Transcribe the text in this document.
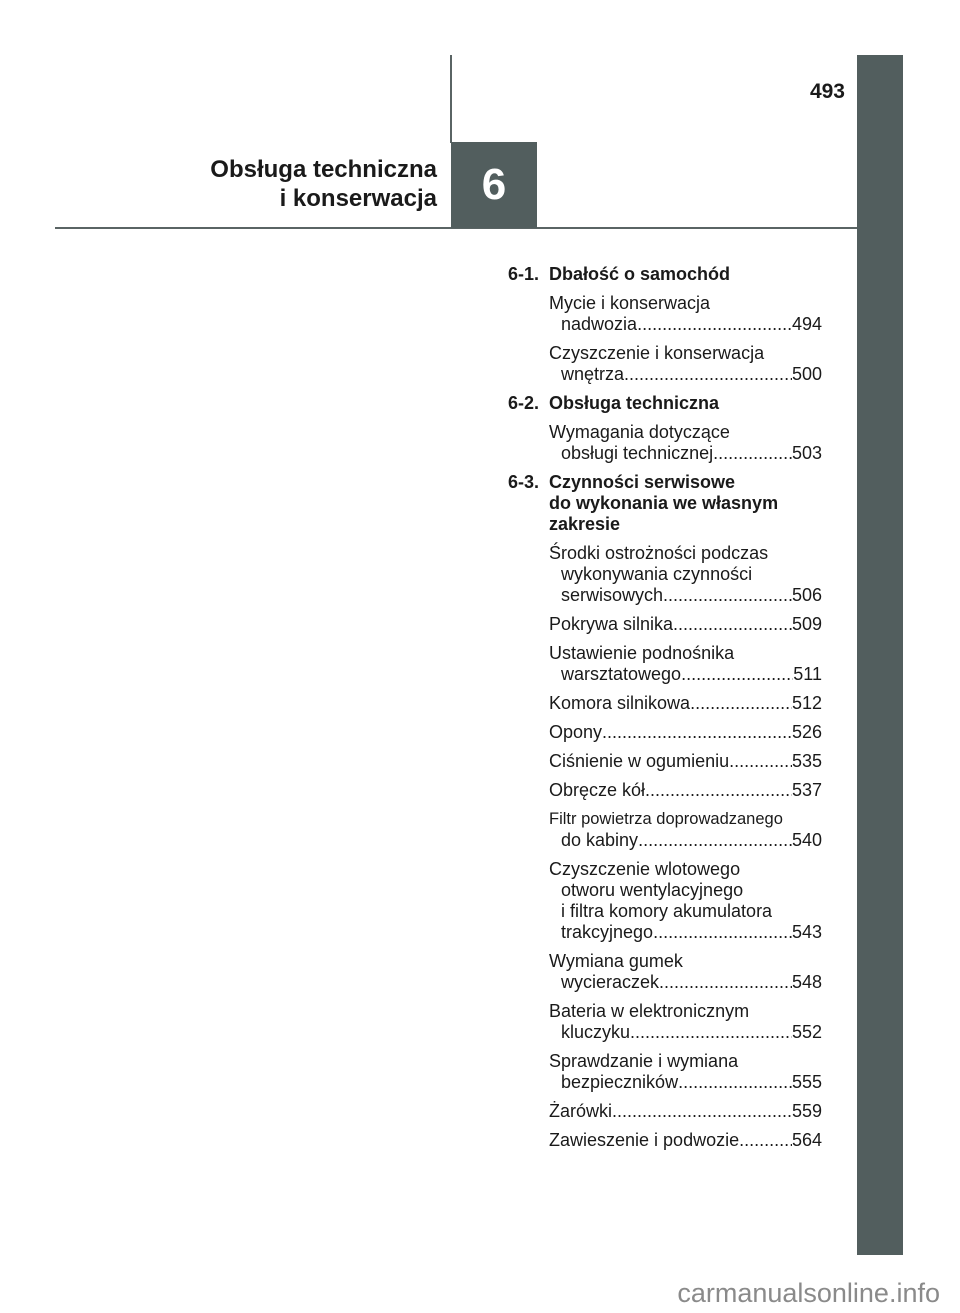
493
Obsługa techniczna
i konserwacja	6
6-1. Dbałość o samochód
Mycie i konserwacja
nadwozia .....	494
Czyszczenie i konserwacja
wnętrza .....	500
6-2. Obsługa techniczna
Wymagania dotyczące
obsługi technicznej .....	503
6-3. Czynności serwisowe
do wykonania we własnym
zakresie
Środki ostrożności podczas
wykonywania czynności
serwisowych .....	506
Pokrywa silnika .....	509
Ustawienie podnośnika
warsztatowego .....	511
Komora silnikowa .....	512
Opony .....	526
Ciśnienie w ogumieniu .....	535
Obręcze kół .....	537
Filtr powietrza doprowadzanego
do kabiny .....	540
Czyszczenie wlotowego
otworu wentylacyjnego
i filtra komory akumulatora
trakcyjnego .....	543
Wymiana gumek
wycieraczek .....	548
Bateria w elektronicznym
kluczyku .....	552
Sprawdzanie i wymiana
bezpieczników .....	555
Żarówki .....	559
Zawieszenie i podwozie .....	564
carmanualsonline.info
